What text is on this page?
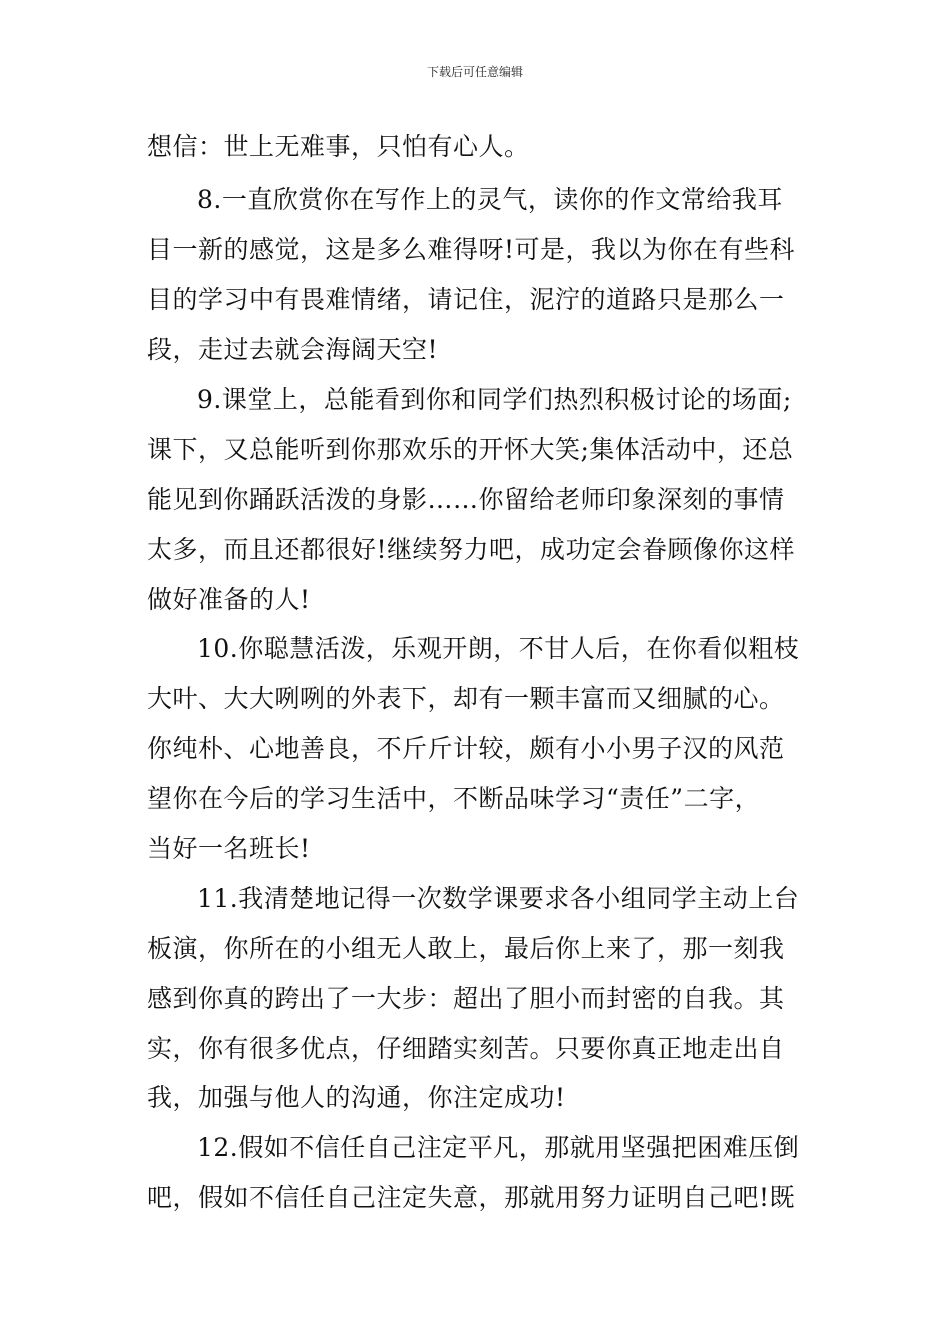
下载后可任意编辑
想信：世上无难事，只怕有心人。
8.一直欣赏你在写作上的灵气，读你的作文常给我耳
目一新的感觉，这是多么难得呀!可是，我以为你在有些科
目的学习中有畏难情绪，请记住，泥泞的道路只是那么一
段，走过去就会海阔天空!
9.课堂上，总能看到你和同学们热烈积极讨论的场面;
课下，又总能听到你那欢乐的开怀大笑;集体活动中，还总
能见到你踊跃活泼的身影……你留给老师印象深刻的事情
太多，而且还都很好!继续努力吧，成功定会眷顾像你这样
做好准备的人!
10.你聪慧活泼，乐观开朗，不甘人后，在你看似粗枝
大叶、大大咧咧的外表下，却有一颗丰富而又细腻的心。
你纯朴、心地善良，不斤斤计较，颇有小小男子汉的风范
望你在今后的学习生活中，不断品味学习“责任”二字，
当好一名班长!
11.我清楚地记得一次数学课要求各小组同学主动上台
板演，你所在的小组无人敢上，最后你上来了，那一刻我
感到你真的跨出了一大步：超出了胆小而封密的自我。其
实，你有很多优点，仔细踏实刻苦。只要你真正地走出自
我，加强与他人的沟通，你注定成功!
12.假如不信任自己注定平凡，那就用坚强把困难压倒
吧，假如不信任自己注定失意，那就用努力证明自己吧!既
